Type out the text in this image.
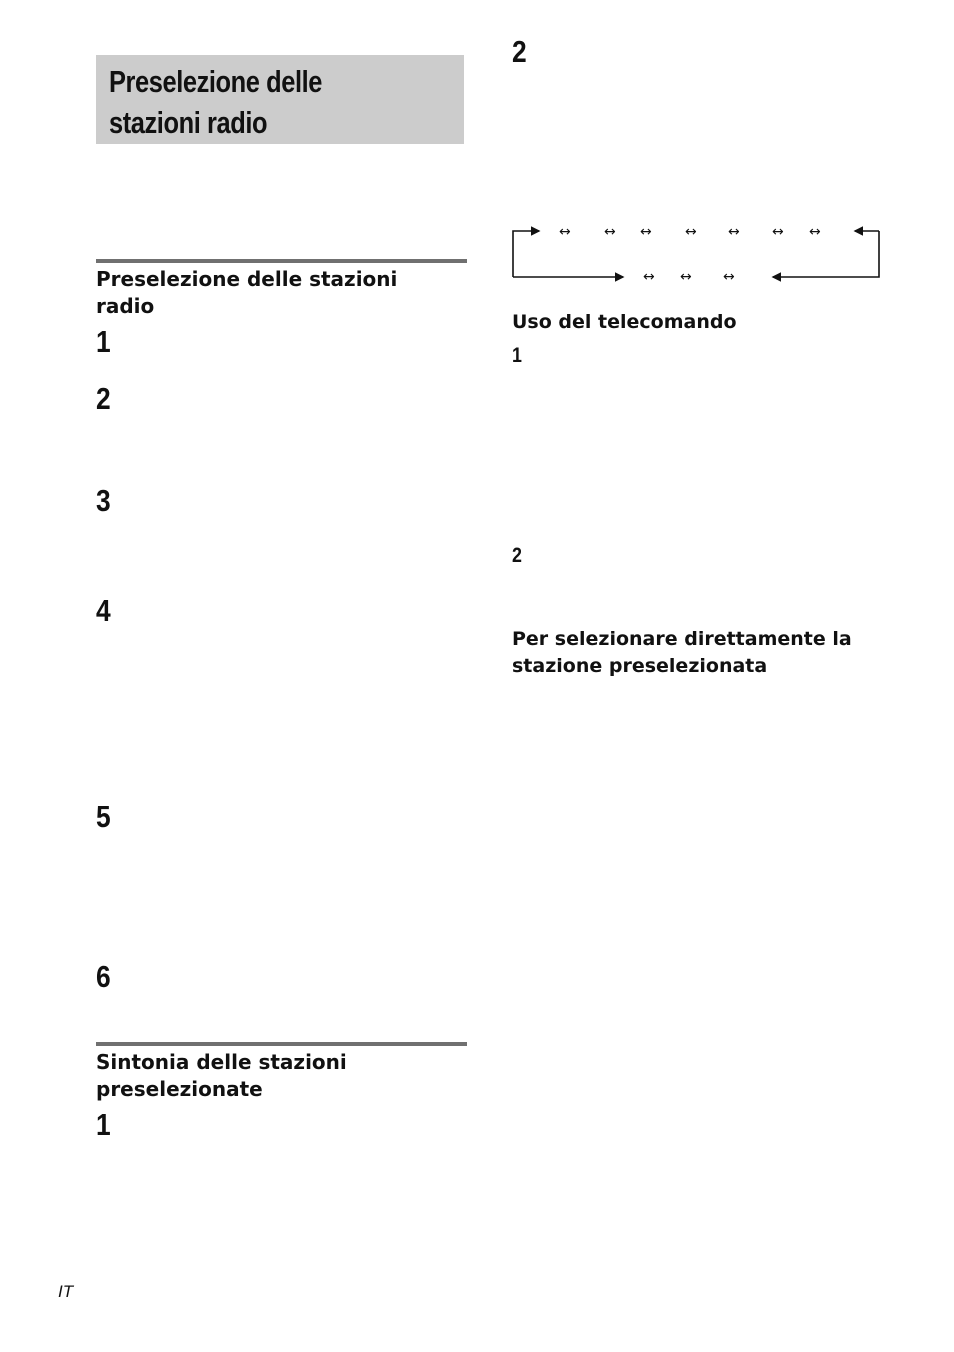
Preselezione delle
stazioni radio
Preselezione delle stazioni radio
1
2
3
4
5
6
Sintonia delle stazioni preselezionate
1
2
↔ ↔ ↔ ↔ ↔ ↔ ↔
↔ ↔ ↔
Uso del telecomando
1
2
Per selezionare direttamente la stazione preselezionata
IT
